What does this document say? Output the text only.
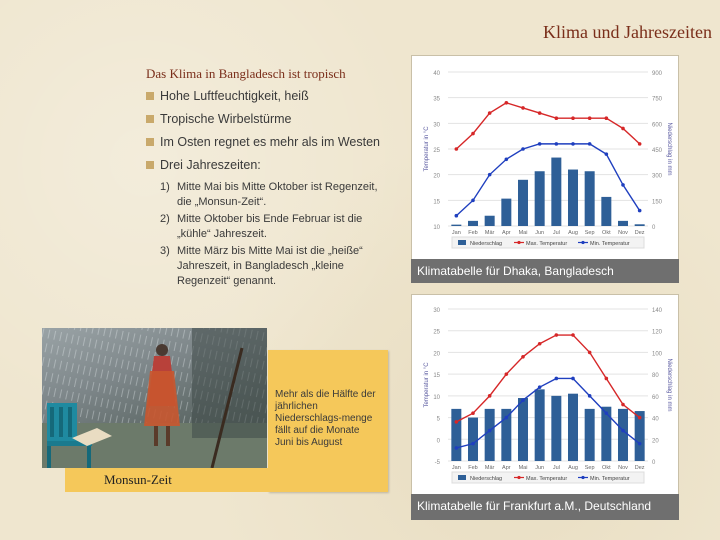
Klima und Jahreszeiten
Das Klima in Bangladesch ist tropisch
Hohe Luftfeuchtigkeit, heiß
Tropische Wirbelstürme
Im Osten regnet es mehr als im Westen
Drei Jahreszeiten:
1) Mitte Mai bis Mitte Oktober ist Regenzeit, die „Monsun-Zeit“.
2) Mitte Oktober bis Ende Februar ist die „kühle“ Jahreszeit.
3) Mitte März bis Mitte Mai ist die „heiße“ Jahreszeit, in Bangladesch „kleine Regenzeit“ genannt.
Mehr als die Hälfte der jährlichen Niederschlags-menge fällt auf die Monate Juni bis August
Monsun-Zeit
10
15
20
25
30
35
40
0
150
300
450
600
750
900
Temperatur in °C	Niederschlag in mm
Jan Feb Mär Apr Mai Jun Jul Aug Sep Okt Nov Dez
Niederschlag	Max. Temperatur	Min. Temperatur
Klimatabelle für Dhaka, Bangladesch
-5
0
5
10
15
20
25
30
0
20
40
60
80
100
120
140
Temperatur in °C	Niederschlag in mm
Jan Feb Mär Apr Mai Jun Jul Aug Sep Okt Nov Dez
Niederschlag	Max. Temperatur	Min. Temperatur
Klimatabelle für Frankfurt a.M., Deutschland
